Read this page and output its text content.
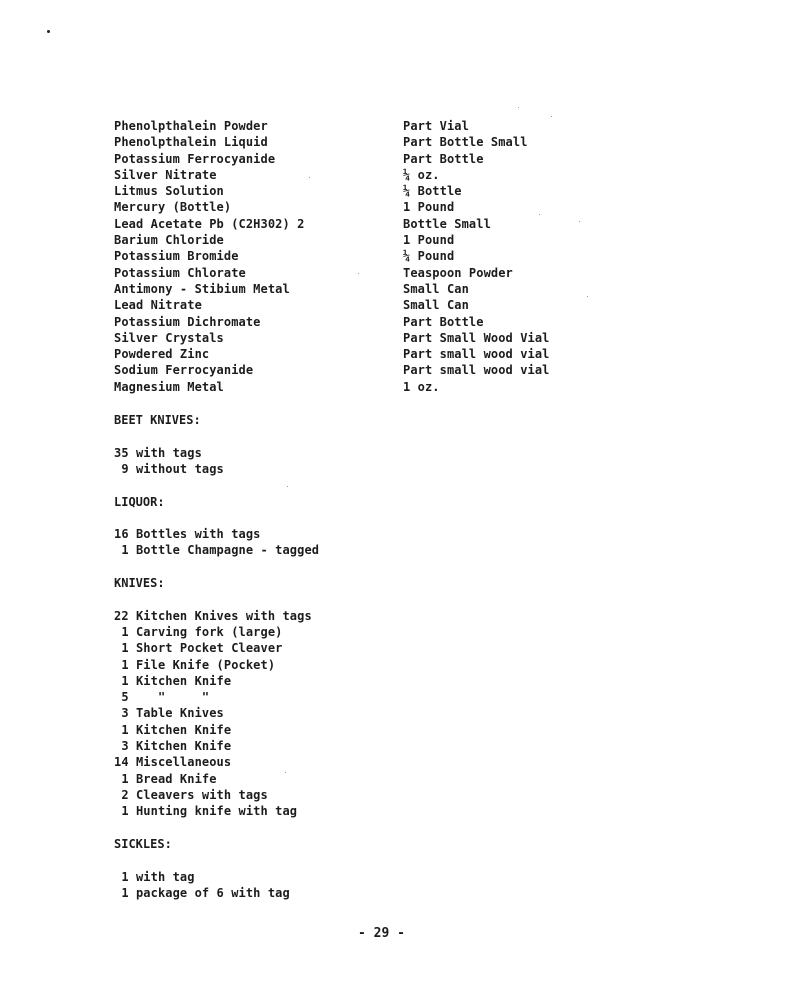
Phenolpthalein Powder
Phenolpthalein Liquid
Potassium Ferrocyanide
Silver Nitrate
Litmus Solution
Mercury (Bottle)
Lead Acetate Pb (C2H302) 2
Barium Chloride
Potassium Bromide
Potassium Chlorate
Antimony - Stibium Metal
Lead Nitrate
Potassium Dichromate
Silver Crystals
Powdered Zinc
Sodium Ferrocyanide
Magnesium Metal
Part Vial
Part Bottle Small
Part Bottle
¼ oz.
¼ Bottle
1 Pound
Bottle Small
1 Pound
¼ Pound
Teaspoon Powder
Small Can
Small Can
Part Bottle
Part Small Wood Vial
Part small wood vial
Part small wood vial
1 oz.
BEET KNIVES:
35 with tags
9 without tags
LIQUOR:
16 Bottles with tags
1 Bottle Champagne - tagged
KNIVES:
22 Kitchen Knives with tags
1 Carving fork (large)
1 Short Pocket Cleaver
1 File Knife (Pocket)
1 Kitchen Knife
5    "     "
3 Table Knives
1 Kitchen Knife
3 Kitchen Knife
14 Miscellaneous
1 Bread Knife
2 Cleavers with tags
1 Hunting knife with tag
SICKLES:
1 with tag
1 package of 6 with tag
- 29 -
